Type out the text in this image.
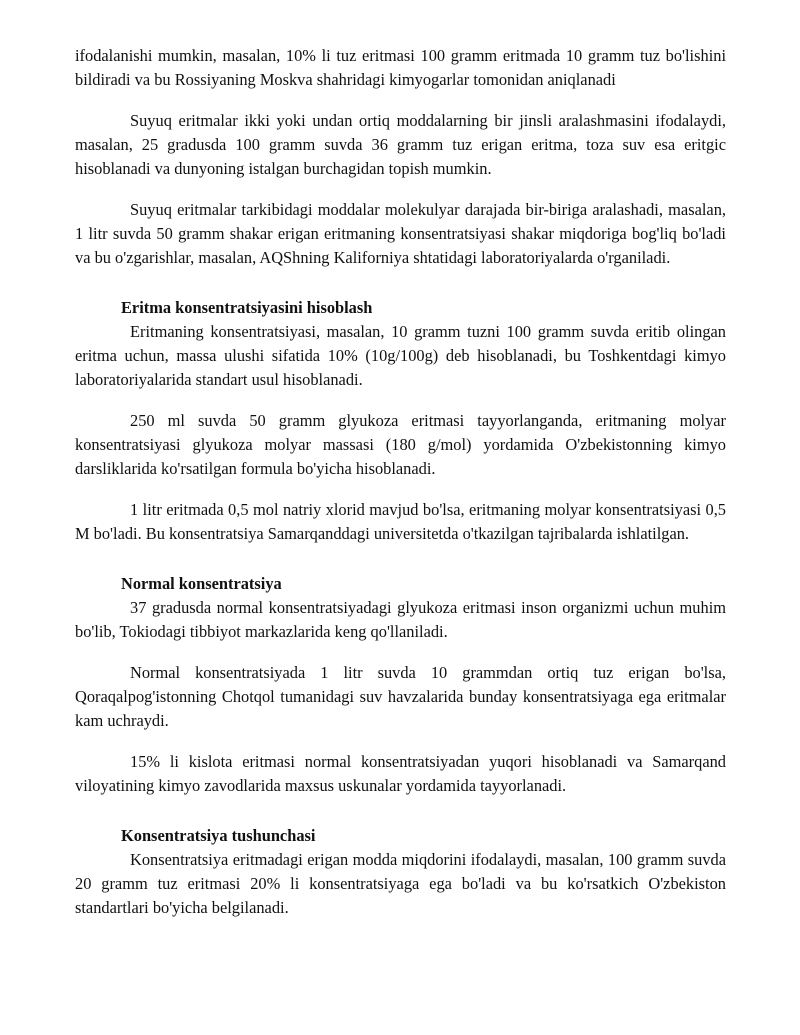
ifodalanishi mumkin, masalan, 10% li tuz eritmasi 100 gramm eritmada 10 gramm tuz bo'lishini bildiradi va bu Rossiyaning Moskva shahridagi kimyogarlar tomonidan aniqlanadi

Suyuq eritmalar ikki yoki undan ortiq moddalarning bir jinsli aralashmasini ifodalaydi, masalan, 25 gradusda 100 gramm suvda 36 gramm tuz erigan eritma, toza suv esa eritgic hisoblanadi va dunyoning istalgan burchagidan topish mumkin.

Suyuq eritmalar tarkibidagi moddalar molekulyar darajada bir-biriga aralashadi, masalan, 1 litr suvda 50 gramm shakar erigan eritmaning konsentratsiyasi shakar miqdoriga bog'liq bo'ladi va bu o'zgarishlar, masalan, AQShning Kaliforniya shtatidagi laboratoriyalarda o'rganiladi.

Eritma konsentratsiyasini hisoblash

Eritmaning konsentratsiyasi, masalan, 10 gramm tuzni 100 gramm suvda eritib olingan eritma uchun, massa ulushi sifatida 10% (10g/100g) deb hisoblanadi, bu Toshkentdagi kimyo laboratoriyalarida standart usul hisoblanadi.

250 ml suvda 50 gramm glyukoza eritmasi tayyorlanganda, eritmaning molyar konsentratsiyasi glyukoza molyar massasi (180 g/mol) yordamida O'zbekistonning kimyo darsliklarida ko'rsatilgan formula bo'yicha hisoblanadi.

1 litr eritmada 0,5 mol natriy xlorid mavjud bo'lsa, eritmaning molyar konsentratsiyasi 0,5 M bo'ladi. Bu konsentratsiya Samarqanddagi universitetda o'tkazilgan tajribalarda ishlatilgan.

Normal konsentratsiya

37 gradusda normal konsentratsiyadagi glyukoza eritmasi inson organizmi uchun muhim bo'lib, Tokiodagi tibbiyot markazlarida keng qo'llaniladi.

Normal konsentratsiyada 1 litr suvda 10 grammdan ortiq tuz erigan bo'lsa, Qoraqalpog'istonning Chotqol tumanidagi suv havzalarida bunday konsentratsiyaga ega eritmalar kam uchraydi.

15% li kislota eritmasi normal konsentratsiyadan yuqori hisoblanadi va Samarqand viloyatining kimyo zavodlarida maxsus uskunalar yordamida tayyorlanadi.

Konsentratsiya tushunchasi

Konsentratsiya eritmadagi erigan modda miqdorini ifodalaydi, masalan, 100 gramm suvda 20 gramm tuz eritmasi 20% li konsentratsiyaga ega bo'ladi va bu ko'rsatkich O'zbekiston standartlari bo'yicha belgilanadi.
